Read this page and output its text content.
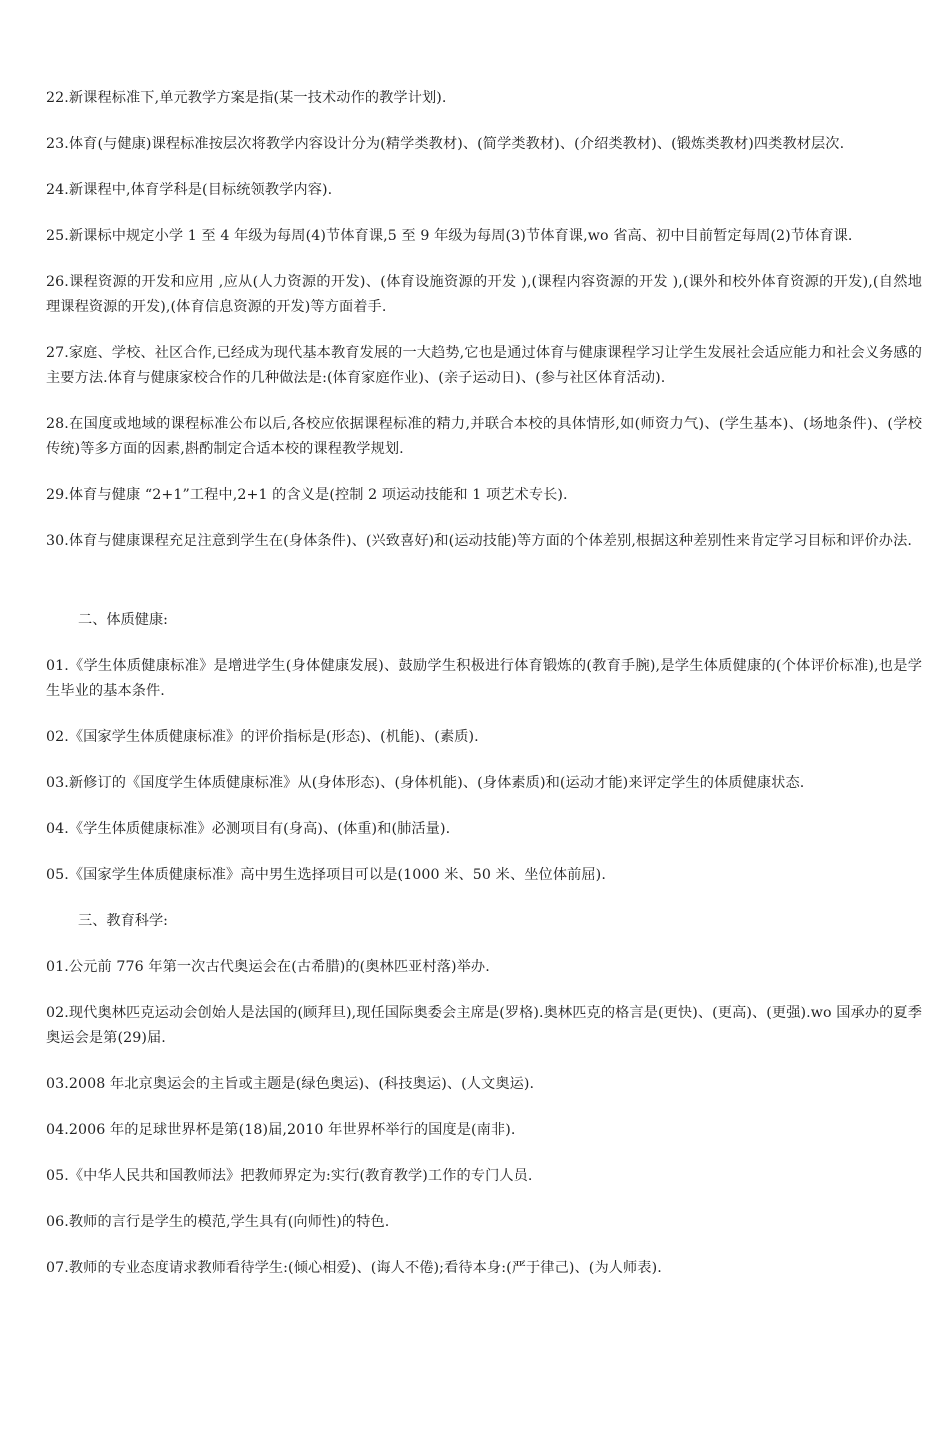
22.新课程标准下,单元教学方案是指(某一技术动作的教学计划).

23.体育(与健康)课程标准按层次将教学内容设计分为(精学类教材)、(简学类教材)、(介绍类教材)、(锻炼类教材)四类教材层次.

24.新课程中,体育学科是(目标统领教学内容).

25.新课标中规定小学 1 至 4 年级为每周(4)节体育课,5 至 9 年级为每周(3)节体育课,wo 省高、初中目前暂定每周(2)节体育课.

26.课程资源的开发和应用 ,应从(人力资源的开发)、(体育设施资源的开发 ),(课程内容资源的开发 ),(课外和校外体育资源的开发),(自然地理课程资源的开发),(体育信息资源的开发)等方面着手.

27.家庭、学校、社区合作,已经成为现代基本教育发展的一大趋势,它也是通过体育与健康课程学习让学生发展社会适应能力和社会义务感的主要方法.体育与健康家校合作的几种做法是:(体育家庭作业)、(亲子运动日)、(参与社区体育活动).

28.在国度或地域的课程标准公布以后,各校应依据课程标准的精力,并联合本校的具体情形,如(师资力气)、(学生基本)、(场地条件)、(学校传统)等多方面的因素,斟酌制定合适本校的课程教学规划.

29.体育与健康 “2+1”工程中,2+1 的含义是(控制 2 项运动技能和 1 项艺术专长).

30.体育与健康课程充足注意到学生在(身体条件)、(兴致喜好)和(运动技能)等方面的个体差别,根据这种差别性来肯定学习目标和评价办法.

二、体质健康:

01.《学生体质健康标准》是增进学生(身体健康发展)、鼓励学生积极进行体育锻炼的(教育手腕),是学生体质健康的(个体评价标准),也是学生毕业的基本条件.

02.《国家学生体质健康标准》的评价指标是(形态)、(机能)、(素质).

03.新修订的《国度学生体质健康标准》从(身体形态)、(身体机能)、(身体素质)和(运动才能)来评定学生的体质健康状态.

04.《学生体质健康标准》必测项目有(身高)、(体重)和(肺活量).

05.《国家学生体质健康标准》高中男生选择项目可以是(1000 米、50 米、坐位体前屈).

三、教育科学:

01.公元前 776 年第一次古代奥运会在(古希腊)的(奥林匹亚村落)举办.

02.现代奥林匹克运动会创始人是法国的(顾拜旦),现任国际奥委会主席是(罗格).奥林匹克的格言是(更快)、(更高)、(更强).wo 国承办的夏季奥运会是第(29)届.

03.2008 年北京奥运会的主旨或主题是(绿色奥运)、(科技奥运)、(人文奥运).

04.2006 年的足球世界杯是第(18)届,2010 年世界杯举行的国度是(南非).

05.《中华人民共和国教师法》把教师界定为:实行(教育教学)工作的专门人员.

06.教师的言行是学生的模范,学生具有(向师性)的特色.

07.教师的专业态度请求教师看待学生:(倾心相爱)、(诲人不倦);看待本身:(严于律己)、(为人师表).
